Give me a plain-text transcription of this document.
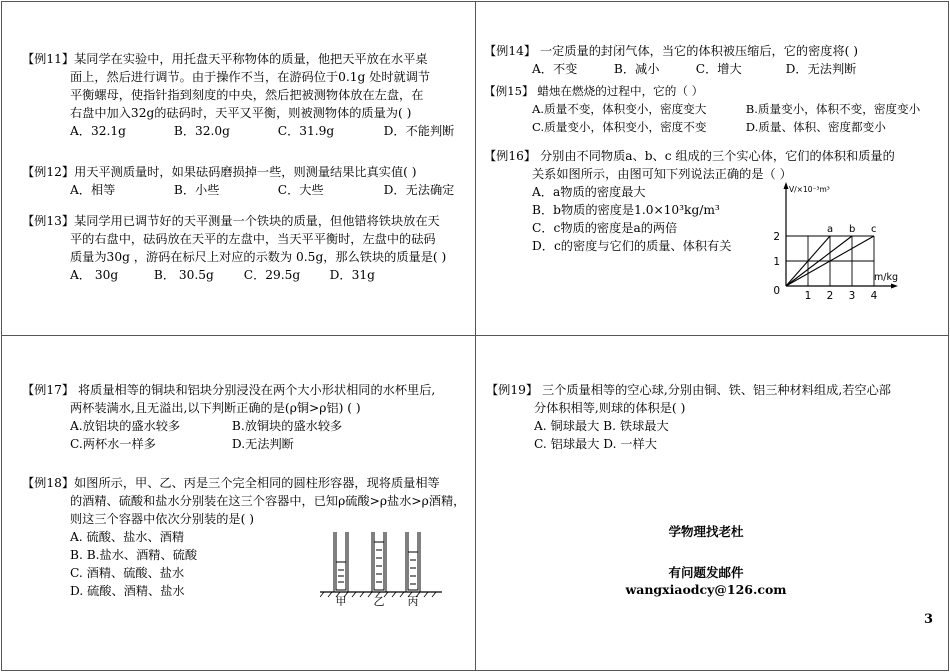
【例11】某同学在实验中，用托盘天平称物体的质量，他把天平放在水平桌
面上，然后进行调节。由于操作不当，在游码位于0.1g 处时就调节
平衡螺母，使指针指到刻度的中央，然后把被测物体放在左盘，在
右盘中加入32g的砝码时，天平又平衡，则被测物体的质量为( )
A．32.1g	B．32.0g	C．31.9g	D．不能判断
【例12】用天平测质量时，如果砝码磨损掉一些，则测量结果比真实值( )
A．相等	B．小些	C．大些	D．无法确定
【例13】某同学用已调节好的天平测量一个铁块的质量，但他错将铁块放在天
平的右盘中，砝码放在天平的左盘中，当天平平衡时，左盘中的砝码
质量为30g ，游码在标尺上对应的示数为 0.5g，那么铁块的质量是( )
A． 30g	B． 30.5g C．29.5g D．31g
【例14】 一定质量的封闭气体，当它的体积被压缩后，它的密度将( )
A．不变	B．减小	C．增大	D．无法判断
【例15】 蜡烛在燃烧的过程中，它的（ ）
A.质量不变，体积变小，密度变大	B.质量变小，体积不变，密度变小
C.质量变小，体积变小，密度不变	D.质量、体积、密度都变小
【例16】 分别由不同物质a、b、c 组成的三个实心体，它们的体积和质量的
关系如图所示，由图可知下列说法正确的是（ ）
A．a物质的密度最大
B．b物质的密度是1.0×10³kg/m³
C．c物质的密度是a的两倍
D．c的密度与它们的质量、体积有关
a b c
1 2 3 4
1
2
0
V/×10⁻³m³
m/kg
【例17】 将质量相等的铜块和铝块分别浸没在两个大小形状相同的水杯里后,
两杯装满水,且无溢出,以下判断正确的是(ρ铜>ρ铝) ( )
A.放铝块的盛水较多	B.放铜块的盛水较多
C.两杯水一样多	D.无法判断
【例18】如图所示，甲、乙、丙是三个完全相同的圆柱形容器，现将质量相等
的酒精、硫酸和盐水分别装在这三个容器中，已知ρ硫酸>ρ盐水>ρ酒精，
则这三个容器中依次分别装的是( )
A. 硫酸、盐水、酒精
B. B.盐水、酒精、硫酸
C. 酒精、硫酸、盐水
D. 硫酸、酒精、盐水
甲 乙 丙
【例19】 三个质量相等的空心球,分别由铜、铁、铝三种材料组成,若空心部
分体积相等,则球的体积是( )
A. 铜球最大 B. 铁球最大
C. 铝球最大 D. 一样大
学物理找老杜
有问题发邮件
wangxiaodcy@126.com
3
